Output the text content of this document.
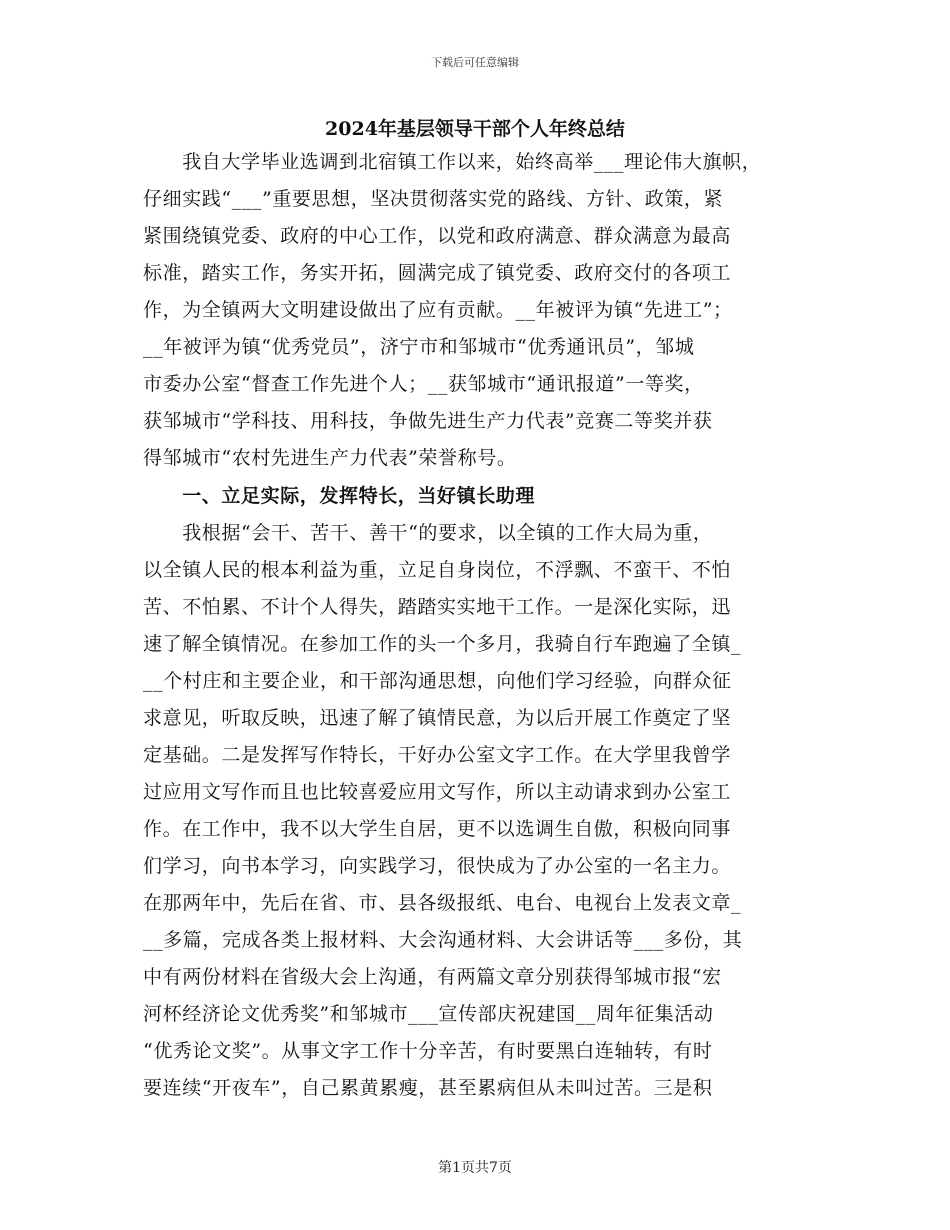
下载后可任意编辑
2024年基层领导干部个人年终总结
　　我自大学毕业选调到北宿镇工作以来，始终高举___理论伟大旗帜，
仔细实践“___”重要思想，坚决贯彻落实党的路线、方针、政策，紧
紧围绕镇党委、政府的中心工作，以党和政府满意、群众满意为最高
标准，踏实工作，务实开拓，圆满完成了镇党委、政府交付的各项工
作，为全镇两大文明建设做出了应有贡献。__年被评为镇“先进工”；
__年被评为镇“优秀党员”，济宁市和邹城市“优秀通讯员”，邹城
市委办公室“督查工作先进个人；__获邹城市“通讯报道”一等奖，
获邹城市“学科技、用科技，争做先进生产力代表”竞赛二等奖并获
得邹城市“农村先进生产力代表”荣誉称号。
　　一、立足实际，发挥特长，当好镇长助理
　　我根据“会干、苦干、善干“的要求，以全镇的工作大局为重，
以全镇人民的根本利益为重，立足自身岗位，不浮飘、不蛮干、不怕
苦、不怕累、不计个人得失，踏踏实实地干工作。一是深化实际，迅
速了解全镇情况。在参加工作的头一个多月，我骑自行车跑遍了全镇_
__个村庄和主要企业，和干部沟通思想，向他们学习经验，向群众征
求意见，听取反映，迅速了解了镇情民意，为以后开展工作奠定了坚
定基础。二是发挥写作特长，干好办公室文字工作。在大学里我曾学
过应用文写作而且也比较喜爱应用文写作，所以主动请求到办公室工
作。在工作中，我不以大学生自居，更不以选调生自傲，积极向同事
们学习，向书本学习，向实践学习，很快成为了办公室的一名主力。
在那两年中，先后在省、市、县各级报纸、电台、电视台上发表文章_
__多篇，完成各类上报材料、大会沟通材料、大会讲话等___多份，其
中有两份材料在省级大会上沟通，有两篇文章分别获得邹城市报“宏
河杯经济论文优秀奖”和邹城市___宣传部庆祝建国__周年征集活动
“优秀论文奖”。从事文字工作十分辛苦，有时要黑白连轴转，有时
要连续“开夜车”，自己累黄累瘦，甚至累病但从未叫过苦。三是积
第1页共7页
